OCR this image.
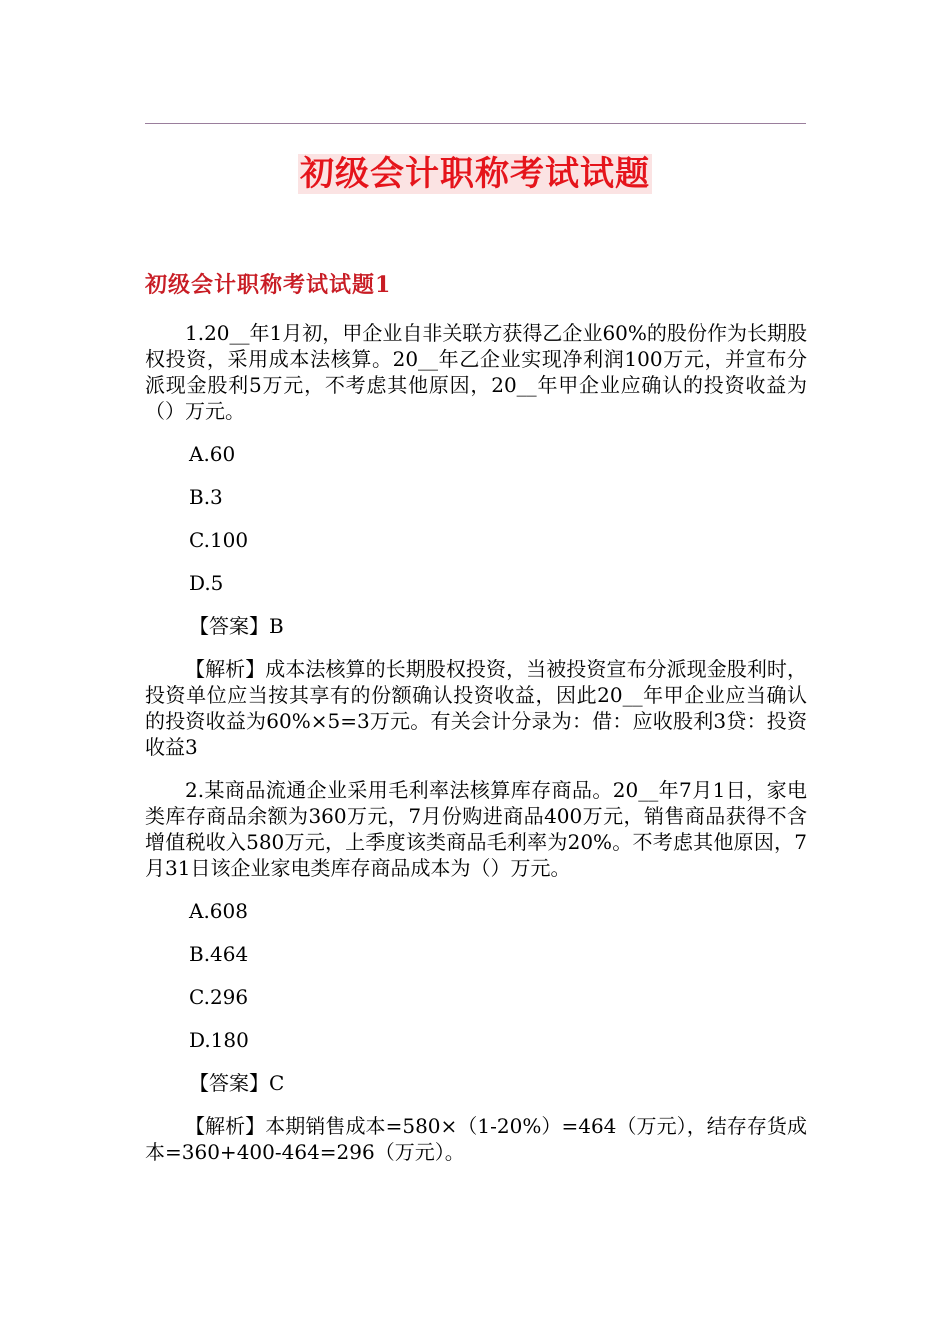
初级会计职称考试试题
初级会计职称考试试题1

1.20__年1月初，甲企业自非关联方获得乙企业60%的股份作为长期股权投资，采用成本法核算。20__年乙企业实现净利润100万元，并宣布分派现金股利5万元，不考虑其他原因，20__年甲企业应确认的投资收益为（）万元。

A.60
B.3
C.100
D.5
【答案】B

【解析】成本法核算的长期股权投资，当被投资宣布分派现金股利时，投资单位应当按其享有的份额确认投资收益，因此20__年甲企业应当确认的投资收益为60%×5=3万元。有关会计分录为：借：应收股利3贷：投资收益3

2.某商品流通企业采用毛利率法核算库存商品。20__年7月1日，家电类库存商品余额为360万元，7月份购进商品400万元，销售商品获得不含增值税收入580万元，上季度该类商品毛利率为20%。不考虑其他原因，7月31日该企业家电类库存商品成本为（）万元。

A.608
B.464
C.296
D.180
【答案】C

【解析】本期销售成本=580×（1-20%）=464（万元），结存存货成本=360+400-464=296（万元）。
